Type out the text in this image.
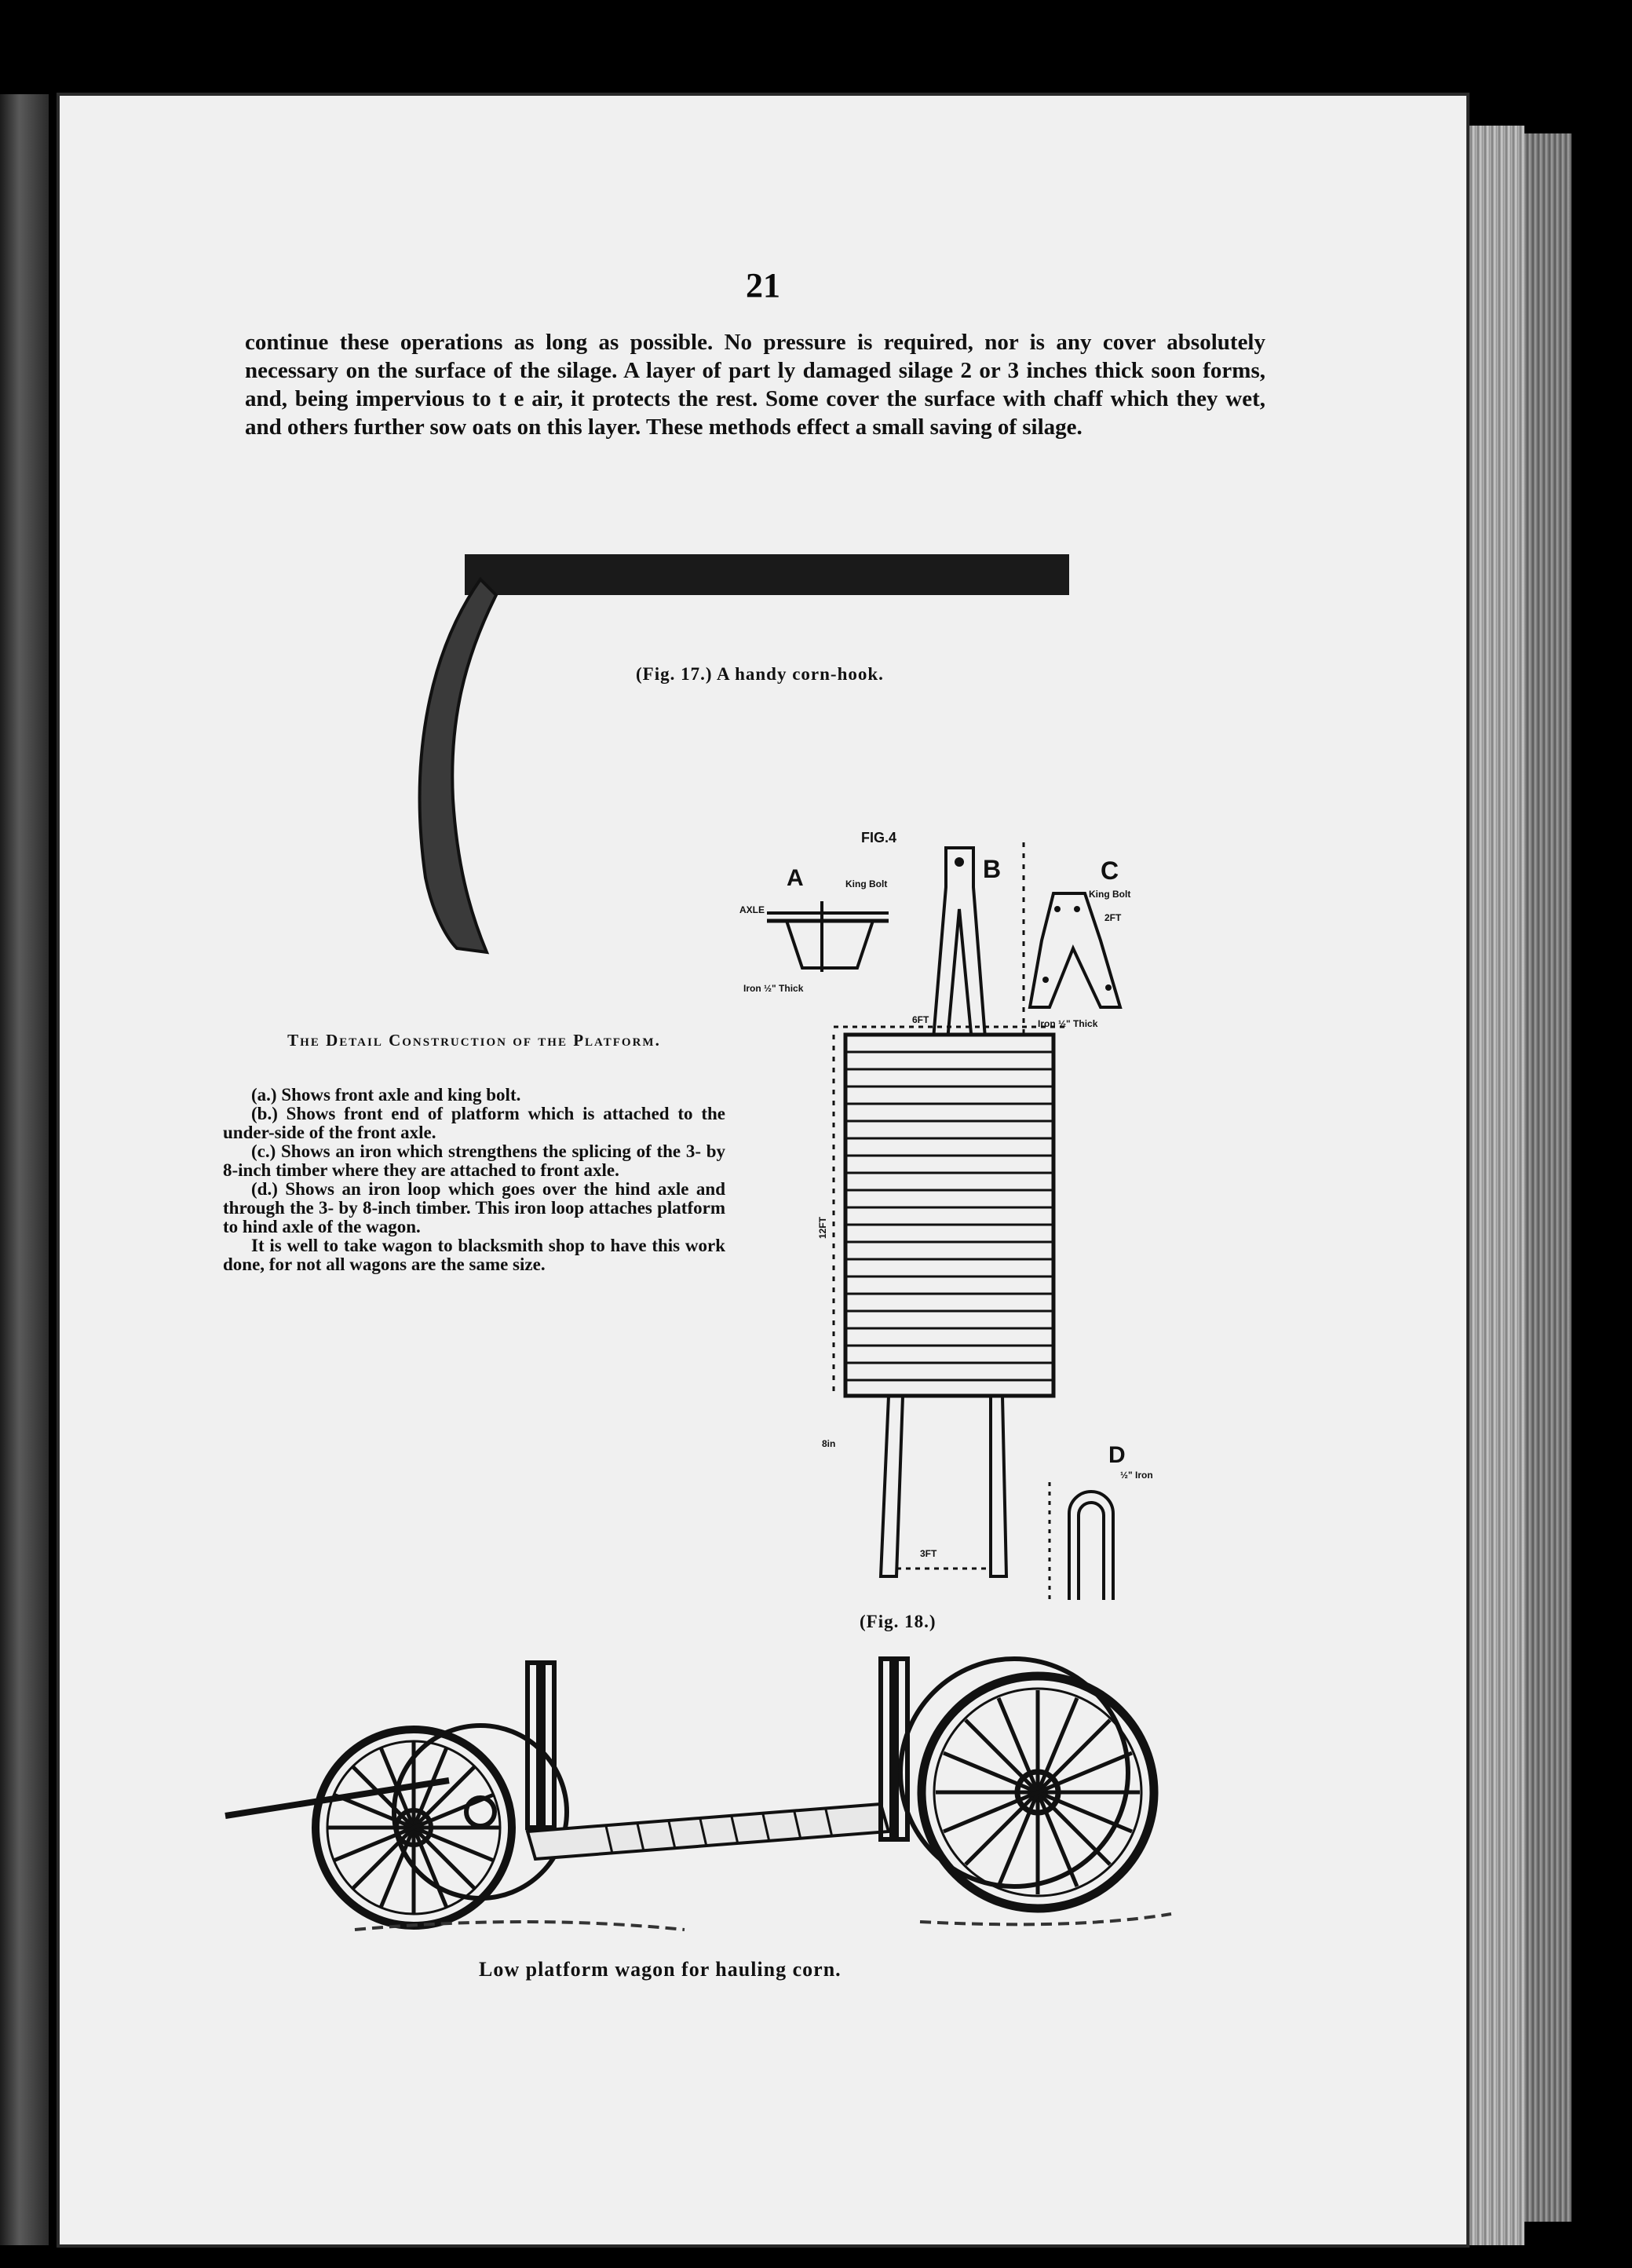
21
continue these operations as long as possible. No pressure is required, nor is any cover absolutely necessary on the surface of the silage. A layer of part ly damaged silage 2 or 3 inches thick soon forms, and, being impervious to t e air, it protects the rest. Some cover the surface with chaff which they wet, and others further sow oats on this layer. These methods effect a small saving of silage.
(Fig. 17.) A handy corn-hook.
FIG.4
A	King Bolt
AXLE
Iron ½" Thick
B	C
King Bolt
2FT
Iron ½" Thick
6FT
12FT
8in
3FT
D
½" Iron
(Fig. 18.)
The Detail Construction of the Platform.

(a.) Shows front axle and king bolt.

(b.) Shows front end of platform which is attached to the under-side of the front axle.

(c.) Shows an iron which strengthens the splicing of the 3- by 8-inch timber where they are attached to front axle.

(d.) Shows an iron loop which goes over the hind axle and through the 3- by 8-inch timber. This iron loop attaches platform to hind axle of the wagon.

It is well to take wagon to blacksmith shop to have this work done, for not all wagons are the same size.

Low platform wagon for hauling corn.
